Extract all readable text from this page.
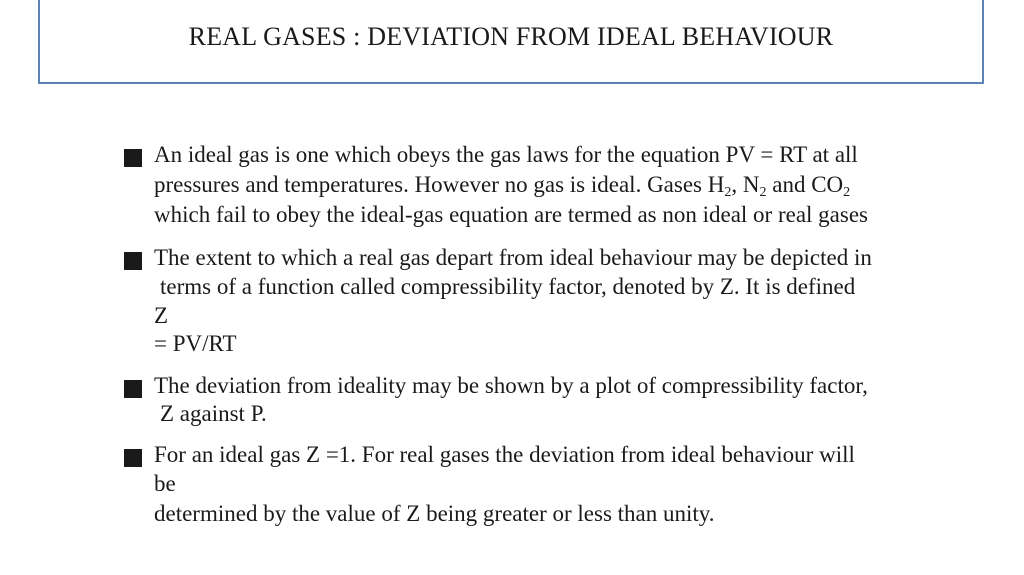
REAL GASES : DEVIATION FROM IDEAL BEHAVIOUR
An ideal gas is one which obeys the gas laws for the equation PV = RT at all
pressures and temperatures. However no gas is ideal. Gases $H_2$, $N_2$ and $CO_2$
which fail to obey the ideal-gas equation are termed as non ideal or real gases
The extent to which a real gas depart from ideal behaviour may be depicted in
terms of a function called compressibility factor, denoted by Z. It is defined
Z
= PV/RT
The deviation from ideality may be shown by a plot of compressibility factor,
Z against P.
For an ideal gas Z =1. For real gases the deviation from ideal behaviour will
be
determined by the value of Z being greater or less than unity.
